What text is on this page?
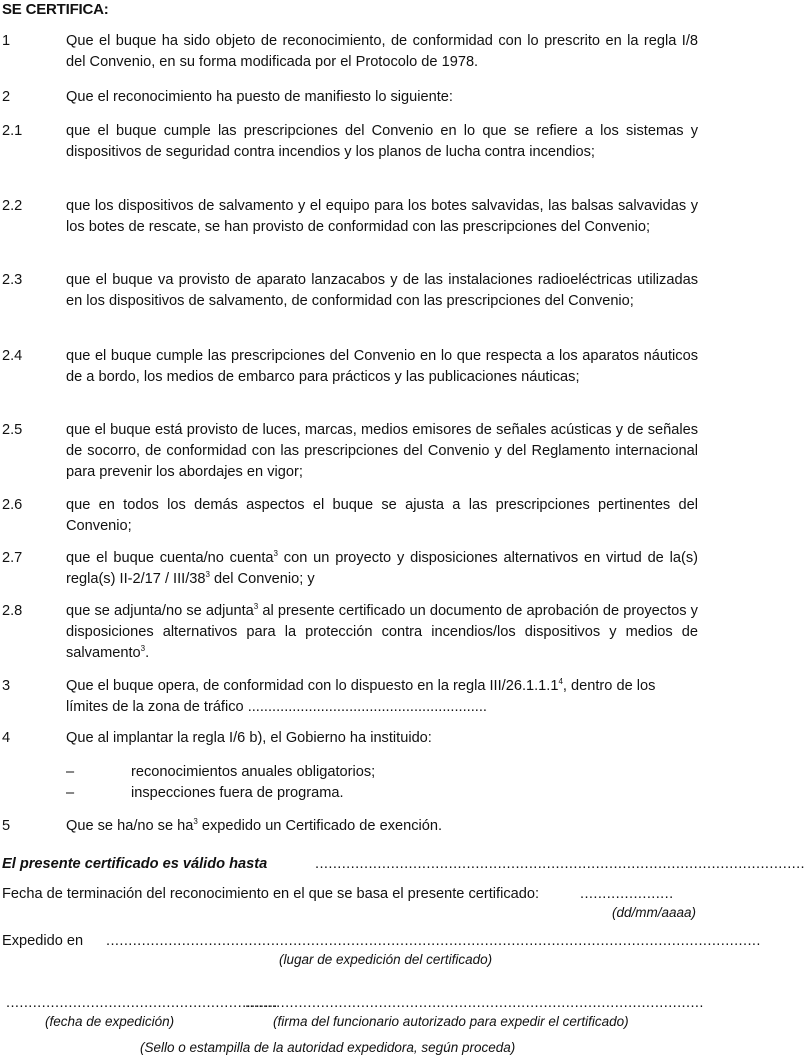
SE CERTIFICA:
1	Que el buque ha sido objeto de reconocimiento, de conformidad con lo prescrito en la regla I/8 del Convenio, en su forma modificada por el Protocolo de 1978.
2	Que el reconocimiento ha puesto de manifiesto lo siguiente:
2.1	que el buque cumple las prescripciones del Convenio en lo que se refiere a los sistemas y dispositivos de seguridad contra incendios y los planos de lucha contra incendios;
2.2	que los dispositivos de salvamento y el equipo para los botes salvavidas, las balsas salvavidas y los botes de rescate, se han provisto de conformidad con las prescripciones del Convenio;
2.3	que el buque va provisto de aparato lanzacabos y de las instalaciones radioeléctricas utilizadas en los dispositivos de salvamento, de conformidad con las prescripciones del Convenio;
2.4	que el buque cumple las prescripciones del Convenio en lo que respecta a los aparatos náuticos de a bordo, los medios de embarco para prácticos y las publicaciones náuticas;
2.5	que el buque está provisto de luces, marcas, medios emisores de señales acústicas y de señales de socorro, de conformidad con las prescripciones del Convenio y del Reglamento internacional para prevenir los abordajes en vigor;
2.6	que en todos los demás aspectos el buque se ajusta a las prescripciones pertinentes del Convenio;
2.7	que el buque cuenta/no cuenta$^3$ con un proyecto y disposiciones alternativos en virtud de la(s) regla(s) II-2/17 / III/$38^3$ del Convenio; y
2.8	que se adjunta/no se adjunta$^3$ al presente certificado un documento de aprobación de proyectos y disposiciones alternativos para la protección contra incendios/los dispositivos y medios de salvamento$^3$.
3	Que el buque opera, de conformidad con lo dispuesto en la regla III/26.1.1.1$^4$, dentro de los límites de la zona de tráfico ...........................................................
4	Que al implantar la regla I/6 b), el Gobierno ha instituido:
–	reconocimientos anuales obligatorios;
–	inspecciones fuera de programa.
5	Que se ha/no se $ha^3$ expedido un Certificado de exención.
El presente certificado es válido hasta	..............................................................................................................
Fecha de terminación del reconocimiento en el que se basa el presente certificado:	.....................
(dd/mm/aaaa)
Expedido en ...................................................................................................................................................
(lugar de expedición del certificado)
.............................................................
.......................................................................................................
(fecha de expedición)	(firma del funcionario autorizado para expedir el certificado)
(Sello o estampilla de la autoridad expedidora, según proceda)
